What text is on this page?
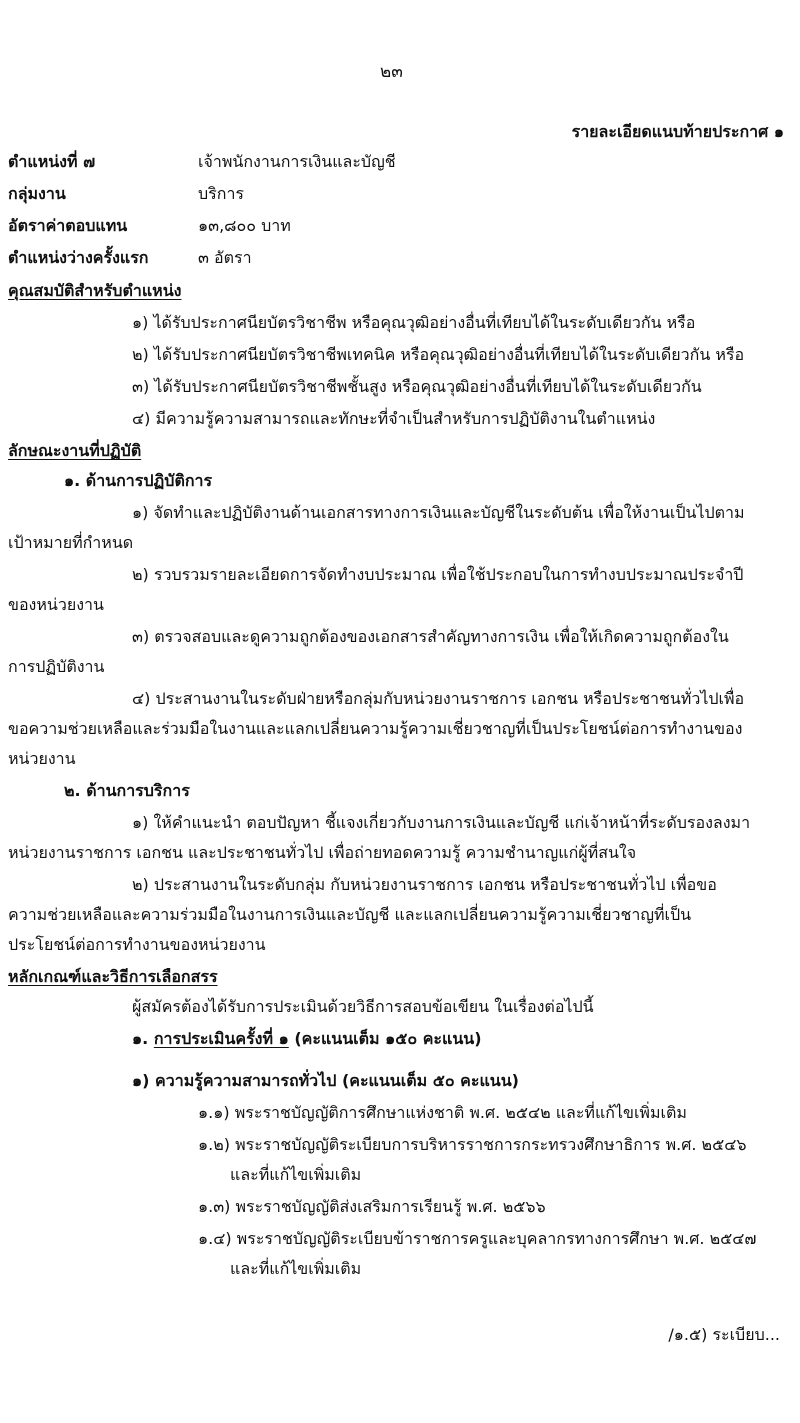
๒๓
รายละเอียดแนบท้ายประกาศ ๑
ตำแหน่งที่ ๗	เจ้าพนักงานการเงินและบัญชี
กลุ่มงาน	บริการ
อัตราค่าตอบแทน	๑๓,๘๐๐ บาท
ตำแหน่งว่างครั้งแรก	๓ อัตรา
คุณสมบัติสำหรับตำแหน่ง
๑) ได้รับประกาศนียบัตรวิชาชีพ หรือคุณวุฒิอย่างอื่นที่เทียบได้ในระดับเดียวกัน หรือ
๒) ได้รับประกาศนียบัตรวิชาชีพเทคนิค หรือคุณวุฒิอย่างอื่นที่เทียบได้ในระดับเดียวกัน หรือ
๓) ได้รับประกาศนียบัตรวิชาชีพชั้นสูง หรือคุณวุฒิอย่างอื่นที่เทียบได้ในระดับเดียวกัน
๔) มีความรู้ความสามารถและทักษะที่จำเป็นสำหรับการปฏิบัติงานในตำแหน่ง
ลักษณะงานที่ปฏิบัติ
๑. ด้านการปฏิบัติการ
๑) จัดทำและปฏิบัติงานด้านเอกสารทางการเงินและบัญชีในระดับต้น เพื่อให้งานเป็นไปตาม
เป้าหมายที่กำหนด
๒) รวบรวมรายละเอียดการจัดทำงบประมาณ เพื่อใช้ประกอบในการทำงบประมาณประจำปี
ของหน่วยงาน
๓) ตรวจสอบและดูความถูกต้องของเอกสารสำคัญทางการเงิน เพื่อให้เกิดความถูกต้องใน
การปฏิบัติงาน
๔) ประสานงานในระดับฝ่ายหรือกลุ่มกับหน่วยงานราชการ เอกชน หรือประชาชนทั่วไปเพื่อ
ขอความช่วยเหลือและร่วมมือในงานและแลกเปลี่ยนความรู้ความเชี่ยวชาญที่เป็นประโยชน์ต่อการทำงานของ
หน่วยงาน
๒. ด้านการบริการ
๑) ให้คำแนะนำ ตอบปัญหา ชี้แจงเกี่ยวกับงานการเงินและบัญชี แก่เจ้าหน้าที่ระดับรองลงมา
หน่วยงานราชการ เอกชน และประชาชนทั่วไป เพื่อถ่ายทอดความรู้ ความชำนาญแก่ผู้ที่สนใจ
๒) ประสานงานในระดับกลุ่ม กับหน่วยงานราชการ เอกชน หรือประชาชนทั่วไป เพื่อขอ
ความช่วยเหลือและความร่วมมือในงานการเงินและบัญชี และแลกเปลี่ยนความรู้ความเชี่ยวชาญที่เป็น
ประโยชน์ต่อการทำงานของหน่วยงาน
หลักเกณฑ์และวิธีการเลือกสรร
ผู้สมัครต้องได้รับการประเมินด้วยวิธีการสอบข้อเขียน ในเรื่องต่อไปนี้
๑. การประเมินครั้งที่ ๑ (คะแนนเต็ม ๑๕๐ คะแนน)
๑) ความรู้ความสามารถทั่วไป (คะแนนเต็ม ๕๐ คะแนน)
๑.๑) พระราชบัญญัติการศึกษาแห่งชาติ พ.ศ. ๒๕๔๒ และที่แก้ไขเพิ่มเติม
๑.๒) พระราชบัญญัติระเบียบการบริหารราชการกระทรวงศึกษาธิการ พ.ศ. ๒๕๔๖
และที่แก้ไขเพิ่มเติม
๑.๓) พระราชบัญญัติส่งเสริมการเรียนรู้ พ.ศ. ๒๕๖๖
๑.๔) พระราชบัญญัติระเบียบข้าราชการครูและบุคลากรทางการศึกษา พ.ศ. ๒๕๔๗
และที่แก้ไขเพิ่มเติม
/๑.๕) ระเบียบ...
